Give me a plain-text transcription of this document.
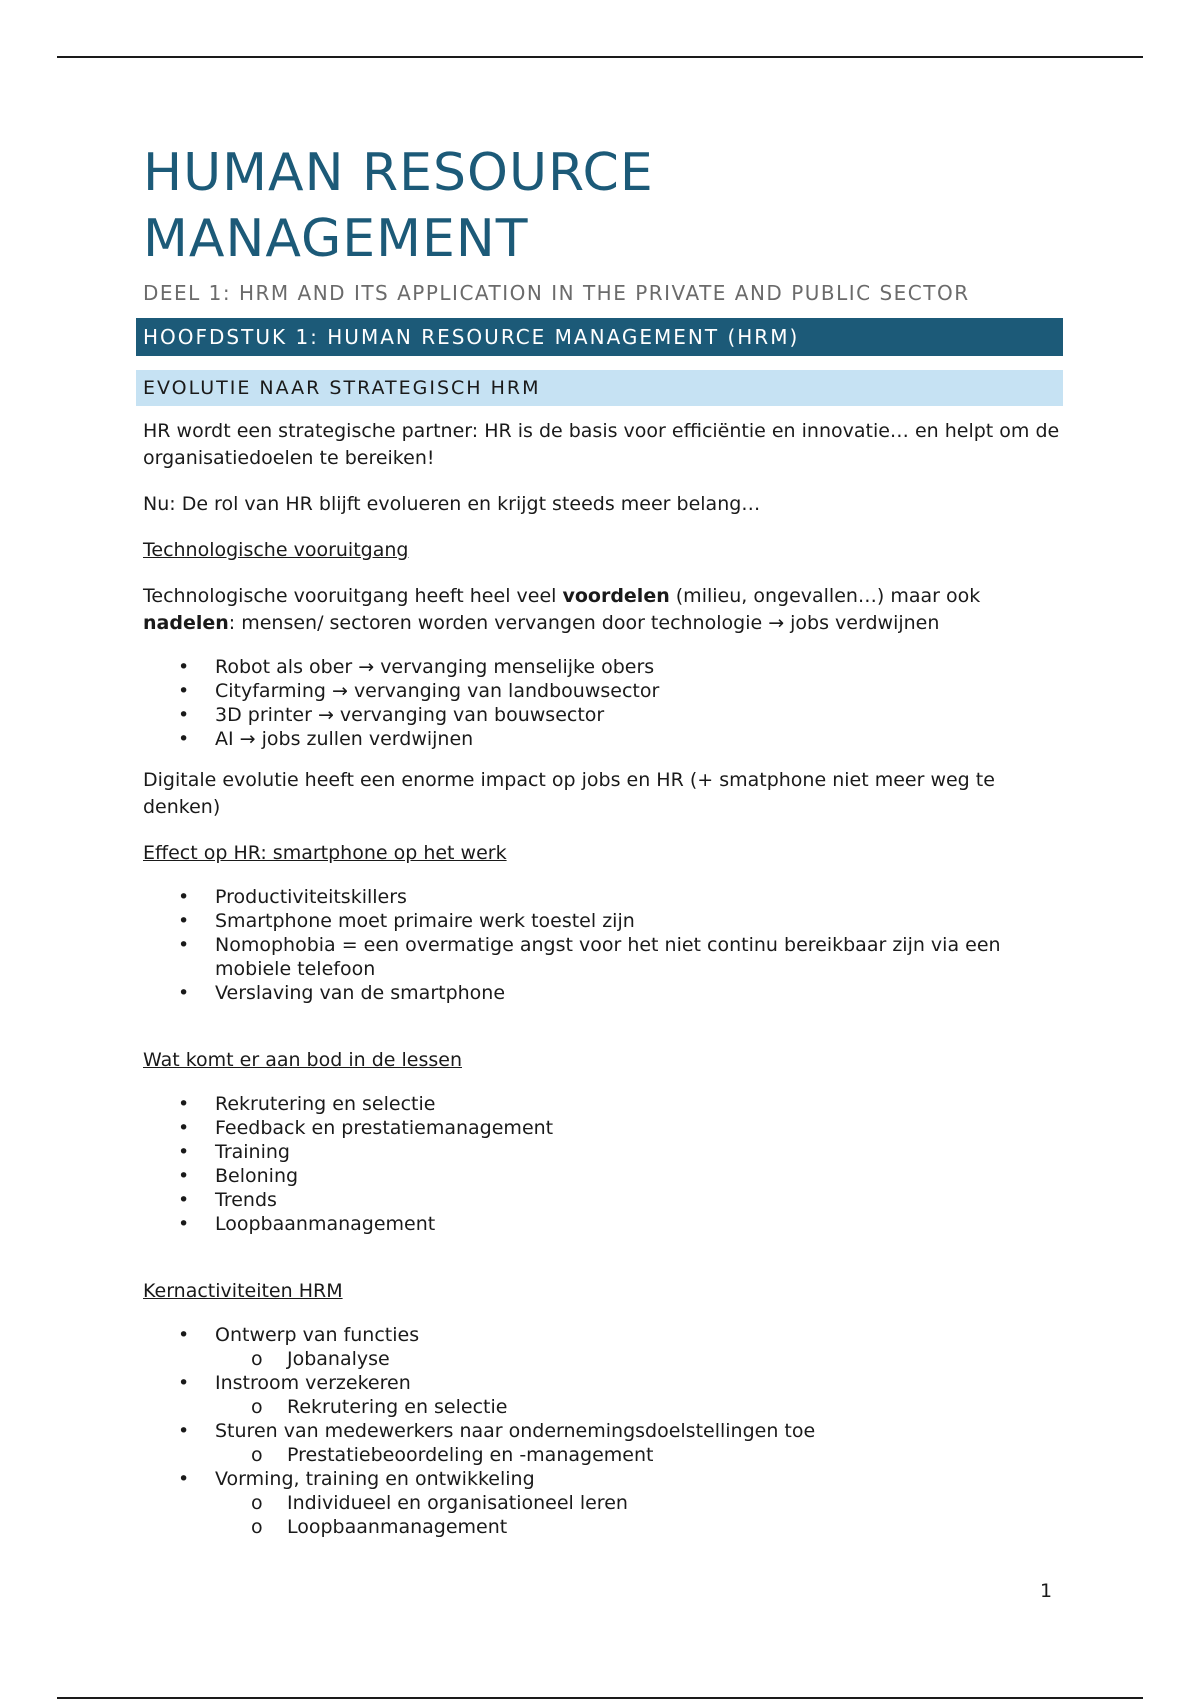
HUMAN RESOURCE
MANAGEMENT
DEEL 1: HRM AND ITS APPLICATION IN THE PRIVATE AND PUBLIC SECTOR
HOOFDSTUK 1: HUMAN RESOURCE MANAGEMENT (HRM)
EVOLUTIE NAAR STRATEGISCH HRM

HR wordt een strategische partner: HR is de basis voor efficiëntie en innovatie… en helpt om de organisatiedoelen te bereiken!

Nu: De rol van HR blijft evolueren en krijgt steeds meer belang…

Technologische vooruitgang

Technologische vooruitgang heeft heel veel voordelen (milieu, ongevallen…) maar ook nadelen: mensen/ sectoren worden vervangen door technologie → jobs verdwijnen

• Robot als ober → vervanging menselijke obers
• Cityfarming → vervanging van landbouwsector
• 3D printer → vervanging van bouwsector
• AI → jobs zullen verdwijnen

Digitale evolutie heeft een enorme impact op jobs en HR (+ smatphone niet meer weg te denken)

Effect op HR: smartphone op het werk

• Productiviteitskillers
• Smartphone moet primaire werk toestel zijn
• Nomophobia = een overmatige angst voor het niet continu bereikbaar zijn via een mobiele telefoon
• Verslaving van de smartphone

Wat komt er aan bod in de lessen

• Rekrutering en selectie
• Feedback en prestatiemanagement
• Training
• Beloning
• Trends
• Loopbaanmanagement

Kernactiviteiten HRM

• Ontwerp van functies
o Jobanalyse
• Instroom verzekeren
o Rekrutering en selectie
• Sturen van medewerkers naar ondernemingsdoelstellingen toe
o Prestatiebeoordeling en -management
• Vorming, training en ontwikkeling
o Individueel en organisationeel leren
o Loopbaanmanagement
1
